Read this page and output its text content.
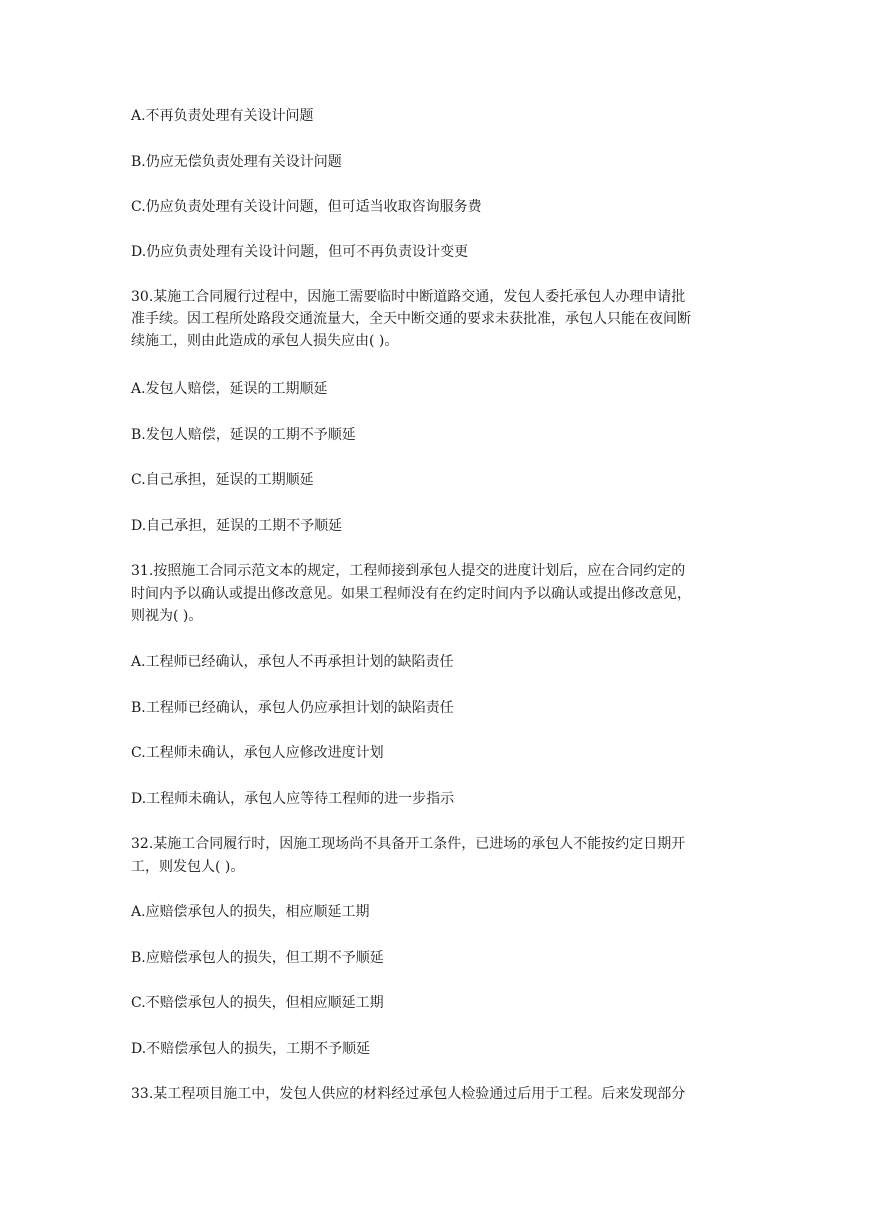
A.不再负责处理有关设计问题
B.仍应无偿负责处理有关设计问题
C.仍应负责处理有关设计问题，但可适当收取咨询服务费
D.仍应负责处理有关设计问题，但可不再负责设计变更
30.某施工合同履行过程中，因施工需要临时中断道路交通，发包人委托承包人办理申请批
准手续。因工程所处路段交通流量大，全天中断交通的要求未获批准，承包人只能在夜间断
续施工，则由此造成的承包人损失应由( )。
A.发包人赔偿，延误的工期顺延
B.发包人赔偿，延误的工期不予顺延
C.自己承担，延误的工期顺延
D.自己承担，延误的工期不予顺延
31.按照施工合同示范文本的规定，工程师接到承包人提交的进度计划后，应在合同约定的
时间内予以确认或提出修改意见。如果工程师没有在约定时间内予以确认或提出修改意见，
则视为( )。
A.工程师已经确认，承包人不再承担计划的缺陷责任
B.工程师已经确认，承包人仍应承担计划的缺陷责任
C.工程师未确认，承包人应修改进度计划
D.工程师未确认，承包人应等待工程师的进一步指示
32.某施工合同履行时，因施工现场尚不具备开工条件，已进场的承包人不能按约定日期开
工，则发包人( )。
A.应赔偿承包人的损失，相应顺延工期
B.应赔偿承包人的损失，但工期不予顺延
C.不赔偿承包人的损失，但相应顺延工期
D.不赔偿承包人的损失，工期不予顺延
33.某工程项目施工中，发包人供应的材料经过承包人检验通过后用于工程。后来发现部分
